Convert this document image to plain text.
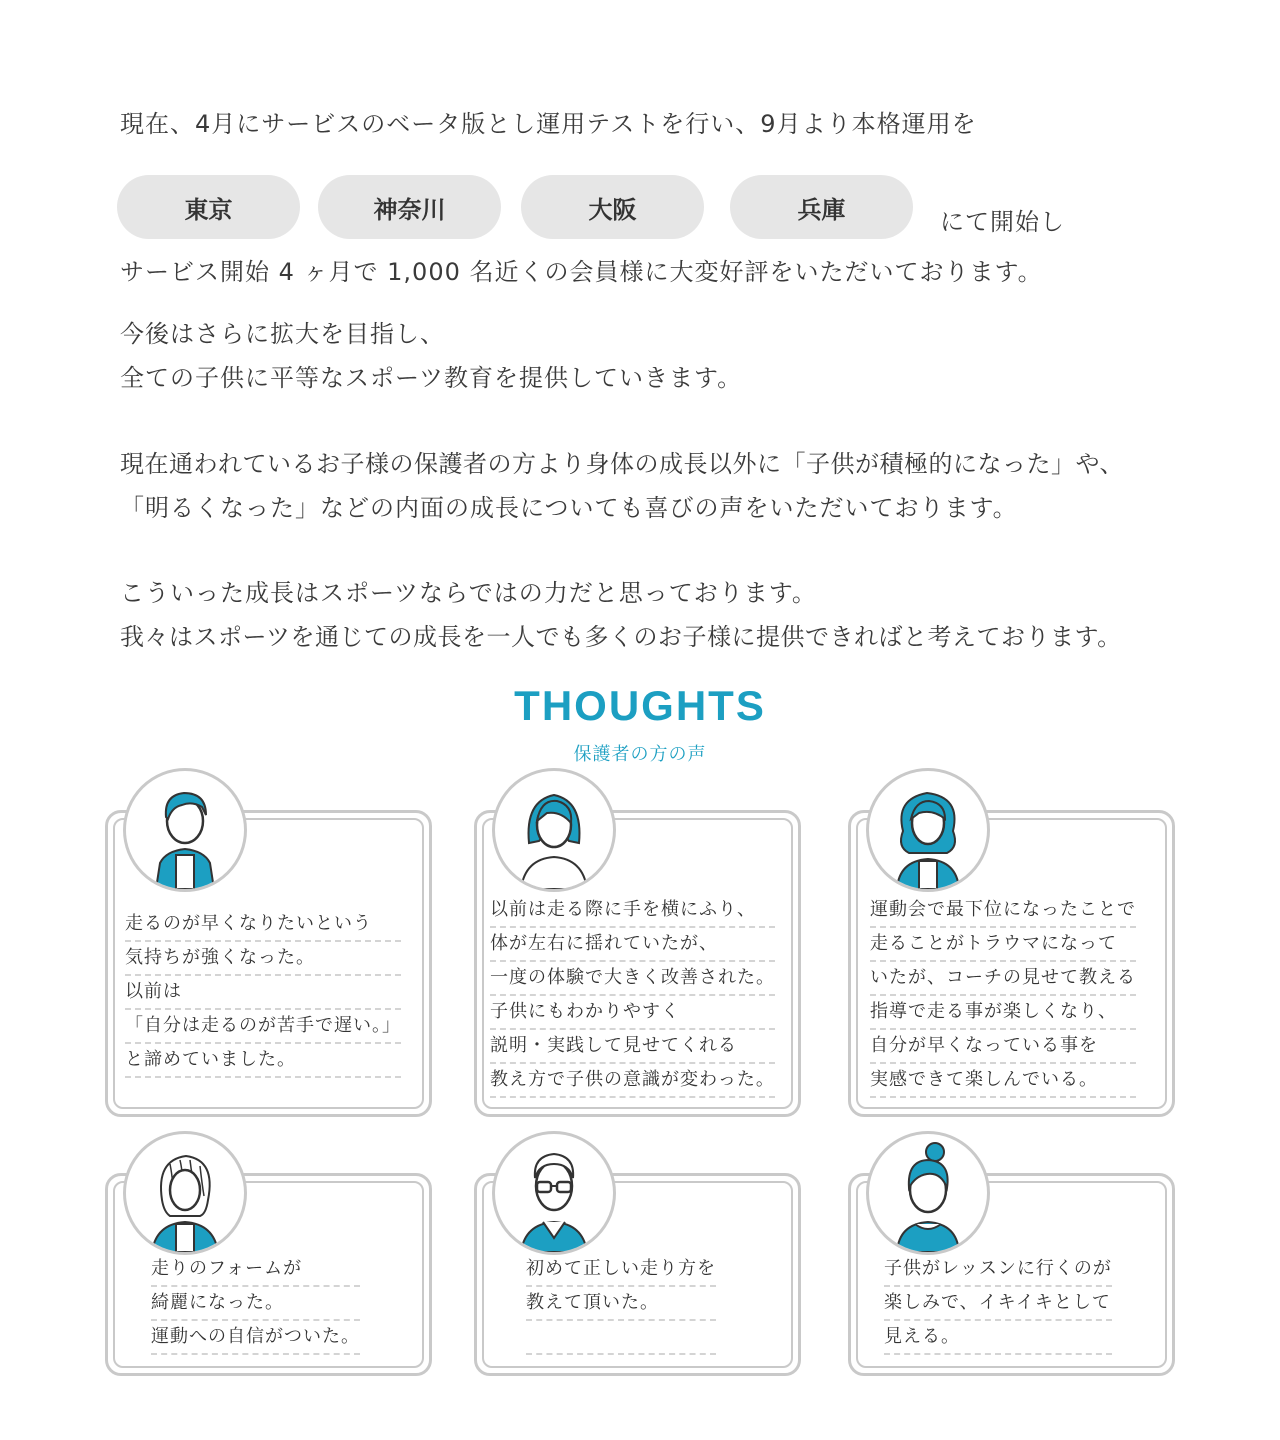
現在、4月にサービスのベータ版とし運用テストを行い、9月より本格運用を

東京	神奈川	大阪	兵庫	にて開始し

サービス開始 4 ヶ月で 1,000 名近くの会員様に大変好評をいただいております。

今後はさらに拡大を目指し、
全ての子供に平等なスポーツ教育を提供していきます。

現在通われているお子様の保護者の方より身体の成長以外に「子供が積極的になった」や、
「明るくなった」などの内面の成長についても喜びの声をいただいております。

こういった成長はスポーツならではの力だと思っております。
我々はスポーツを通じての成長を一人でも多くのお子様に提供できればと考えております。

THOUGHTS
保護者の方の声
走るのが早くなりたいという
気持ちが強くなった。
以前は
「自分は走るのが苦手で遅い。」
と諦めていました。
以前は走る際に手を横にふり、
体が左右に揺れていたが、
一度の体験で大きく改善された。
子供にもわかりやすく
説明・実践して見せてくれる
教え方で子供の意識が変わった。
運動会で最下位になったことで
走ることがトラウマになって
いたが、コーチの見せて教える
指導で走る事が楽しくなり、
自分が早くなっている事を
実感できて楽しんでいる。
走りのフォームが
綺麗になった。
運動への自信がついた。
初めて正しい走り方を
教えて頂いた。

子供がレッスンに行くのが
楽しみで、イキイキとして
見える。
